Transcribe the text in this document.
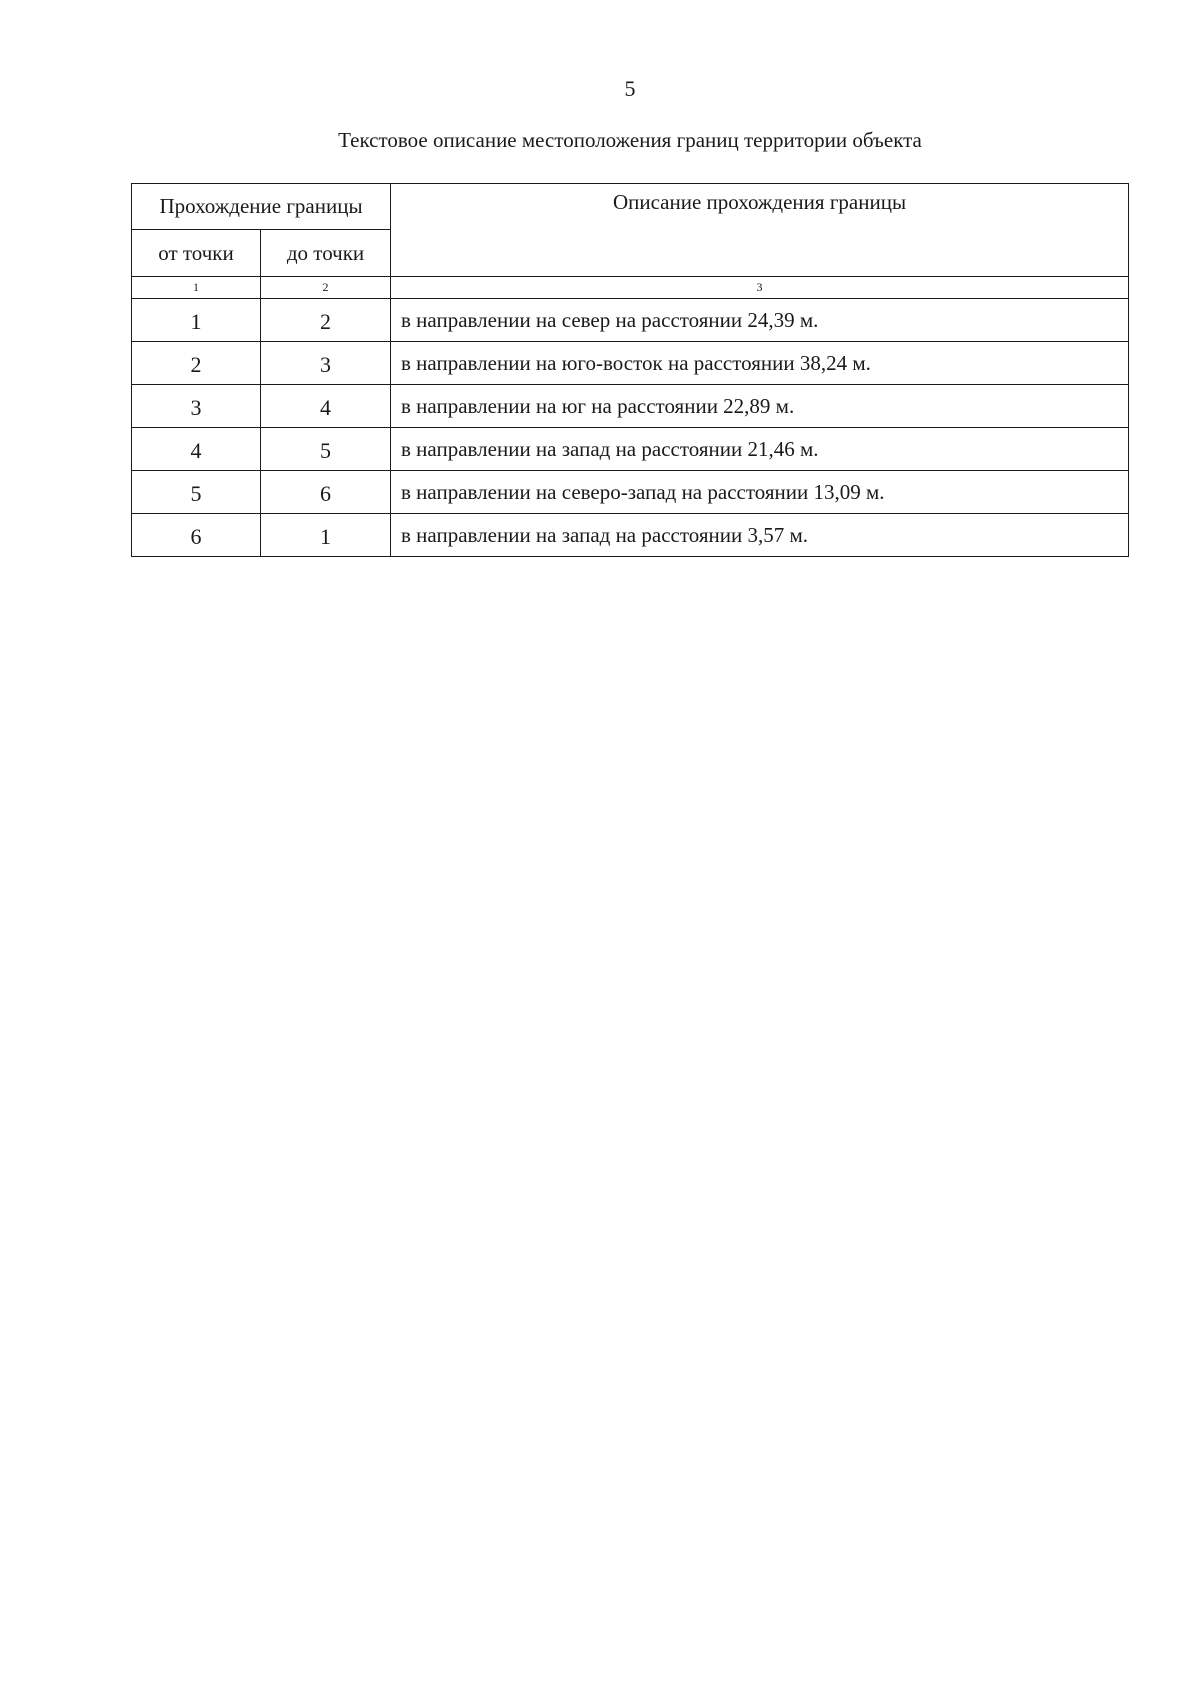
5
Текстовое описание местоположения границ территории объекта
Прохождение границы		Описание прохождения границы
от точки	до точки	
1	2	3
1	2	в направлении на север на расстоянии 24,39 м.
2	3	в направлении на юго-восток на расстоянии 38,24 м.
3	4	в направлении на юг на расстоянии 22,89 м.
4	5	в направлении на запад на расстоянии 21,46 м.
5	6	в направлении на северо-запад на расстоянии 13,09 м.
6	1	в направлении на запад на расстоянии 3,57 м.
